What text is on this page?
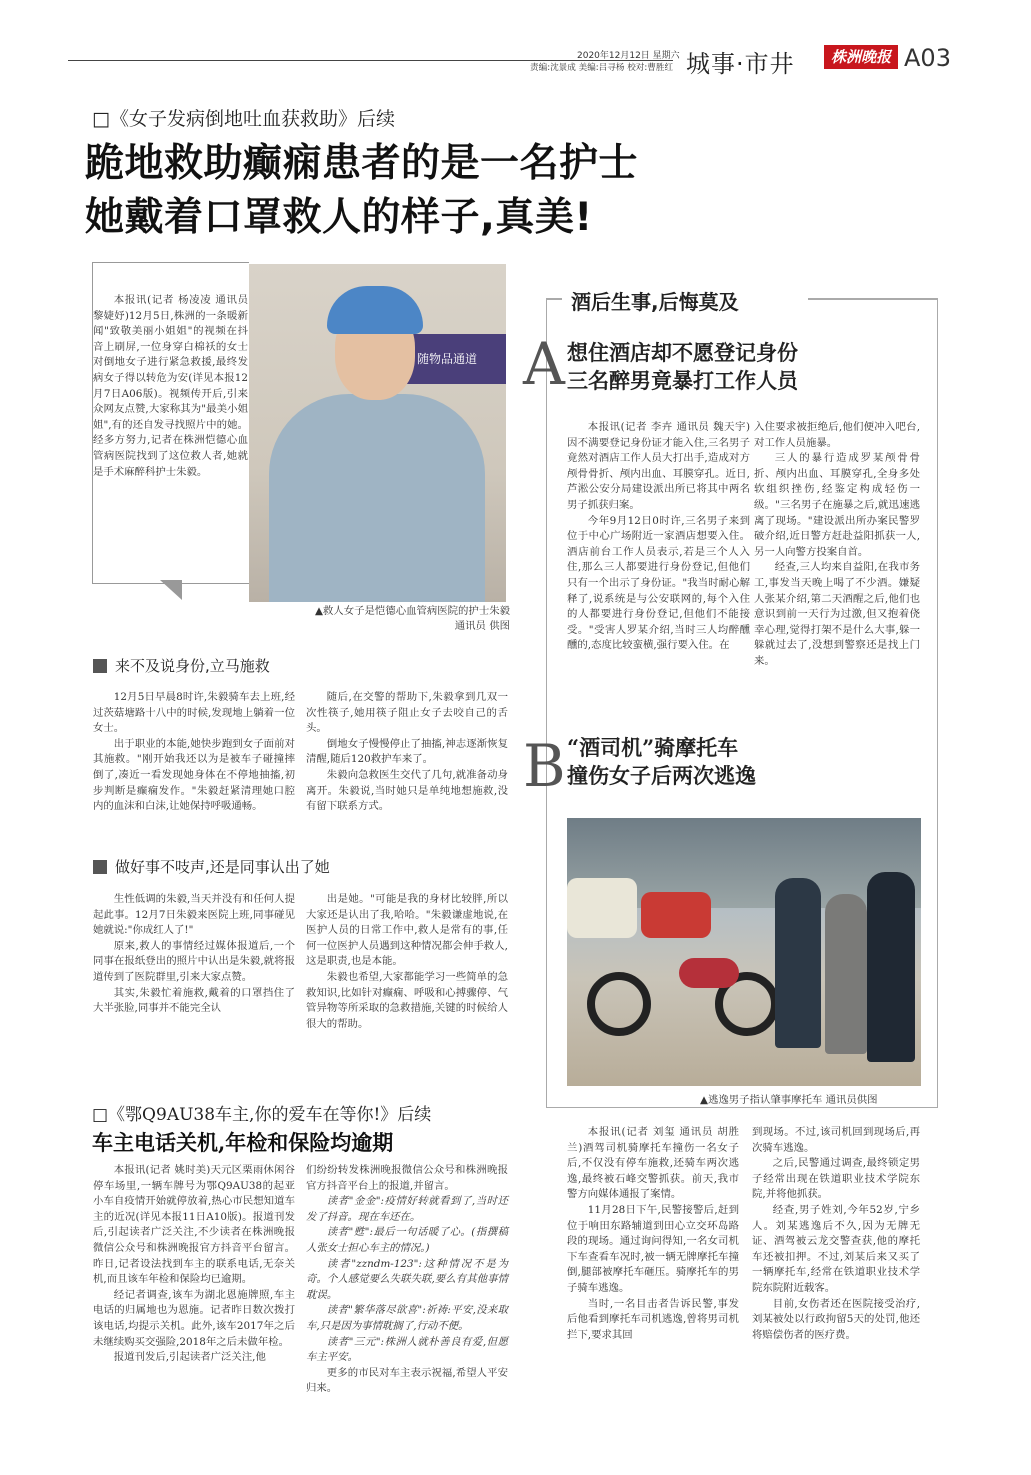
2020年12月12日 星期六
责编:沈景成 美编:吕寻杨 校对:曹胜红 城事·市井	株洲晚报 A03
□《女子发病倒地吐血获救助》后续
跪地救助癫痫患者的是一名护士
她戴着口罩救人的样子,真美!

本报讯(记者 杨凌凌 通讯员 黎婕妤)12月5日,株洲的一条暖新闻"致敬美丽小姐姐"的视频在抖音上刷屏,一位身穿白棉袄的女士对倒地女子进行紧急救援,最终发病女子得以转危为安(详见本报12月7日A06版)。视频传开后,引来众网友点赞,大家称其为"最美小姐姐",有的还自发寻找照片中的她。经多方努力,记者在株洲恺德心血管病医院找到了这位救人者,她就是手术麻醉科护士朱毅。

随物品通道
▲救人女子是恺德心血管病医院的护士朱毅
通讯员 供图
来不及说身份,立马施救

12月5日早晨8时许,朱毅骑车去上班,经过茨菇塘路十八中的时候,发现地上躺着一位女士。

出于职业的本能,她快步跑到女子面前对其施救。"刚开始我还以为是被车子碰撞摔倒了,凑近一看发现她身体在不停地抽搐,初步判断是癫痫发作。"朱毅赶紧清理她口腔内的血沫和白沫,让她保持呼吸通畅。

随后,在交警的帮助下,朱毅拿到几双一次性筷子,她用筷子阻止女子去咬自己的舌头。

倒地女子慢慢停止了抽搐,神志逐渐恢复清醒,随后120救护车来了。

朱毅向急救医生交代了几句,就准备动身离开。朱毅说,当时她只是单纯地想施救,没有留下联系方式。

做好事不吱声,还是同事认出了她

生性低调的朱毅,当天并没有和任何人提起此事。12月7日朱毅来医院上班,同事碰见她就说:"你成红人了!"

原来,救人的事情经过媒体报道后,一个同事在报纸登出的照片中认出是朱毅,就将报道传到了医院群里,引来大家点赞。

其实,朱毅忙着施救,戴着的口罩挡住了大半张脸,同事并不能完全认

出是她。"可能是我的身材比较胖,所以大家还是认出了我,哈哈。"朱毅谦虚地说,在医护人员的日常工作中,救人是常有的事,任何一位医护人员遇到这种情况都会伸手救人,这是职责,也是本能。

朱毅也希望,大家都能学习一些简单的急救知识,比如针对癫痫、呼吸和心搏骤停、气管异物等所采取的急救措施,关键的时候给人很大的帮助。

酒后生事,后悔莫及
A 想住酒店却不愿登记身份
三名醉男竟暴打工作人员

本报讯(记者 李卉 通讯员 魏天宇)因不满要登记身份证才能入住,三名男子竟然对酒店工作人员大打出手,造成对方颅骨骨折、颅内出血、耳膜穿孔。近日,芦淞公安分局建设派出所已将其中两名男子抓获归案。

今年9月12日0时许,三名男子来到位于中心广场附近一家酒店想要入住。酒店前台工作人员表示,若是三个人入住,那么三人都要进行身份登记,但他们只有一个出示了身份证。"我当时耐心解释了,说系统是与公安联网的,每个入住的人都要进行身份登记,但他们不能接受。"受害人罗某介绍,当时三人均醉醺醺的,态度比较蛮横,强行要入住。在

入住要求被拒绝后,他们便冲入吧台,对工作人员施暴。

三人的暴行造成罗某颅骨骨折、颅内出血、耳膜穿孔,全身多处软组织挫伤,经鉴定构成轻伤一级。"三名男子在施暴之后,就迅速逃离了现场。"建设派出所办案民警罗破介绍,近日警方赶赴益阳抓获一人,另一人向警方投案自首。

经查,三人均来自益阳,在我市务工,事发当天晚上喝了不少酒。嫌疑人张某介绍,第二天酒醒之后,他们也意识到前一天行为过激,但又抱着侥幸心理,觉得打架不是什么大事,躲一躲就过去了,没想到警察还是找上门来。

B “酒司机”骑摩托车
撞伤女子后两次逃逸
▲逃逸男子指认肇事摩托车 通讯员供图

本报讯(记者 刘玺 通讯员 胡胜兰)酒驾司机骑摩托车撞伤一名女子后,不仅没有停车施救,还骑车两次逃逸,最终被石峰交警抓获。前天,我市警方向媒体通报了案情。

11月28日下午,民警接警后,赶到位于响田东路辅道到田心立交环岛路段的现场。通过询问得知,一名女司机下车查看车况时,被一辆无牌摩托车撞倒,腿部被摩托车砸压。骑摩托车的男子骑车逃逸。

当时,一名目击者告诉民警,事发后他看到摩托车司机逃逸,曾将男司机拦下,要求其回

到现场。不过,该司机回到现场后,再次骑车逃逸。

之后,民警通过调查,最终锁定男子经常出现在铁道职业技术学院东院,并将他抓获。

经查,男子姓刘,今年52岁,宁乡人。刘某逃逸后不久,因为无牌无证、酒驾被云龙交警查获,他的摩托车还被扣押。不过,刘某后来又买了一辆摩托车,经常在铁道职业技术学院东院附近载客。

目前,女伤者还在医院接受治疗,刘某被处以行政拘留5天的处罚,他还将赔偿伤者的医疗费。

□《鄂Q9AU38车主,你的爱车在等你!》后续
车主电话关机,年检和保险均逾期

本报讯(记者 姚时美)天元区栗雨休闲谷停车场里,一辆车牌号为鄂Q9AU38的起亚小车自疫情开始就停放着,热心市民想知道车主的近况(详见本报11日A10版)。报道刊发后,引起读者广泛关注,不少读者在株洲晚报微信公众号和株洲晚报官方抖音平台留言。昨日,记者设法找到车主的联系电话,无奈关机,而且该车年检和保险均已逾期。

经记者调查,该车为湖北恩施牌照,车主电话的归属地也为恩施。记者昨日数次拨打该电话,均提示关机。此外,该车2017年之后未继续购买交强险,2018年之后未做年检。

报道刊发后,引起读者广泛关注,他

们纷纷转发株洲晚报微信公众号和株洲晚报官方抖音平台上的报道,并留言。

读者"金金":疫情好转就看到了,当时还发了抖音。现在车还在。

读者"甦":最后一句话暖了心。(指撰稿人张女士担心车主的情况。)

读者"zzndm-123":这种情况不是为奇。个人感觉要么失联失联,要么有其他事情耽误。

读者"繁华落尽欲喜":祈祷:平安,没来取车,只是因为事情耽搁了,行动不便。

读者"三元":株洲人就朴善良有爱,但愿车主平安。

更多的市民对车主表示祝福,希望人平安归来。
